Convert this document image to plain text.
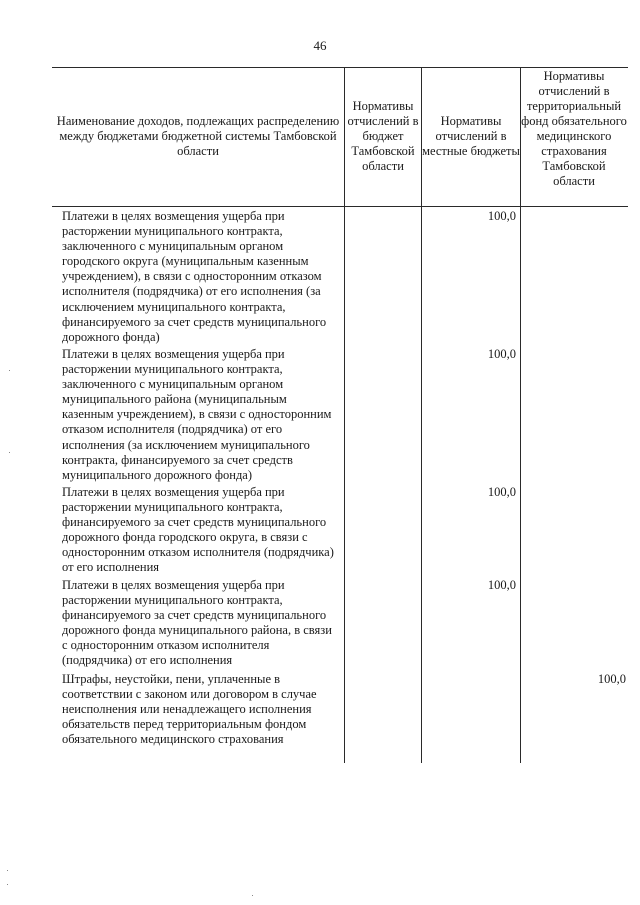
46
Наименование доходов, подлежащих распределению между бюджетами бюджетной системы Тамбовской области
Нормативы отчислений в бюджет Тамбовской области
Нормативы отчислений в местные бюджеты
Нормативы отчислений в территориальный фонд обязательного медицинского страхования Тамбовской области
Платежи в целях возмещения ущерба при расторжении муниципального контракта, заключенного с муниципальным органом городского округа (муниципальным казенным учреждением), в связи с односторонним отказом исполнителя (подрядчика) от его исполнения (за исключением муниципального контракта, финансируемого за счет средств муниципального дорожного фонда)
100,0
Платежи в целях возмещения ущерба при расторжении муниципального контракта, заключенного с муниципальным органом муниципального района (муниципальным казенным учреждением), в связи с односторонним отказом исполнителя (подрядчика) от его исполнения (за исключением муниципального контракта, финансируемого за счет средств муниципального дорожного фонда)
100,0
Платежи в целях возмещения ущерба при расторжении муниципального контракта, финансируемого за счет средств муниципального дорожного фонда городского округа, в связи с односторонним отказом исполнителя (подрядчика) от его исполнения
100,0
Платежи в целях возмещения ущерба при расторжении муниципального контракта, финансируемого за счет средств муниципального дорожного фонда муниципального района, в связи с односторонним отказом исполнителя (подрядчика) от его исполнения
100,0
Штрафы, неустойки, пени, уплаченные в соответствии с законом или договором в случае неисполнения или ненадлежащего исполнения обязательств перед территориальным фондом обязательного медицинского страхования
100,0
